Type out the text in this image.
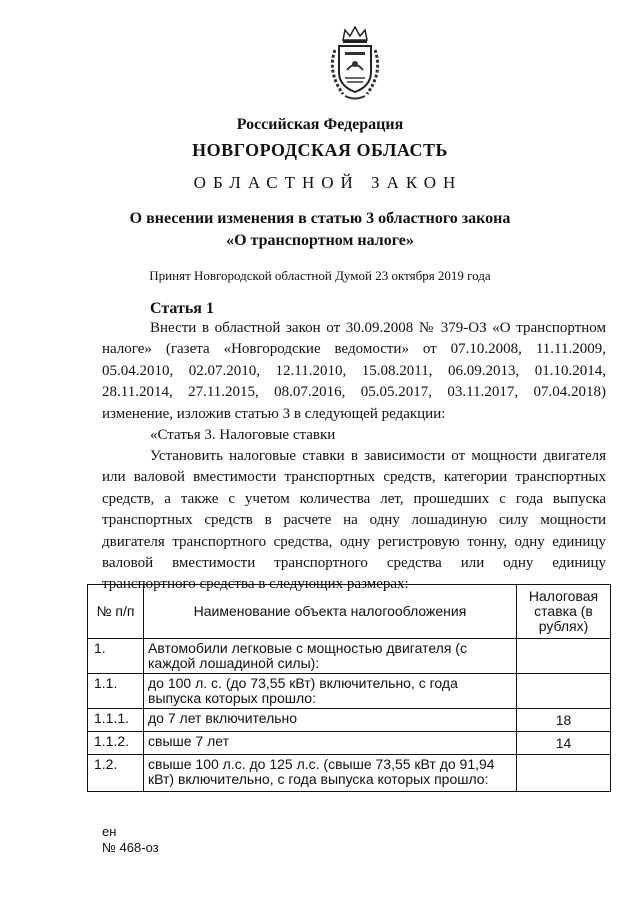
Российская Федерация
НОВГОРОДСКАЯ ОБЛАСТЬ
ОБЛАСТНОЙ ЗАКОН
О внесении изменения в статью 3 областного закона
«О транспортном налоге»
Принят Новгородской областной Думой 23 октября 2019 года
Статья 1

Внести в областной закон от 30.09.2008 № 379-ОЗ «О транспортном налоге» (газета «Новгородские ведомости» от 07.10.2008, 11.11.2009, 05.04.2010, 02.07.2010, 12.11.2010, 15.08.2011, 06.09.2013, 01.10.2014, 28.11.2014, 27.11.2015, 08.07.2016, 05.05.2017, 03.11.2017, 07.04.2018) изменение, изложив статью 3 в следующей редакции:

«Статья 3. Налоговые ставки

Установить налоговые ставки в зависимости от мощности двигателя или валовой вместимости транспортных средств, категории транспортных средств, а также с учетом количества лет, прошедших с года выпуска транспортных средств в расчете на одну лошадиную силу мощности двигателя транспортного средства, одну регистровую тонну, одну единицу валовой вместимости транспортного средства или одну единицу транспортного средства в следующих размерах:

№ п/п	Наименование объекта налогообложения	Налоговая ставка (в рублях)
1.	Автомобили легковые с мощностью двигателя (с каждой лошадиной силы):	
1.1.	до 100 л. с. (до 73,55 кВт) включительно, с года выпуска которых прошло:	
1.1.1.	до 7 лет включительно	18
1.1.2.	свыше 7 лет	14
1.2.	свыше 100 л.с. до 125 л.с. (свыше 73,55 кВт до 91,94 кВт) включительно, с года выпуска которых прошло:	
ен
№ 468-оз
